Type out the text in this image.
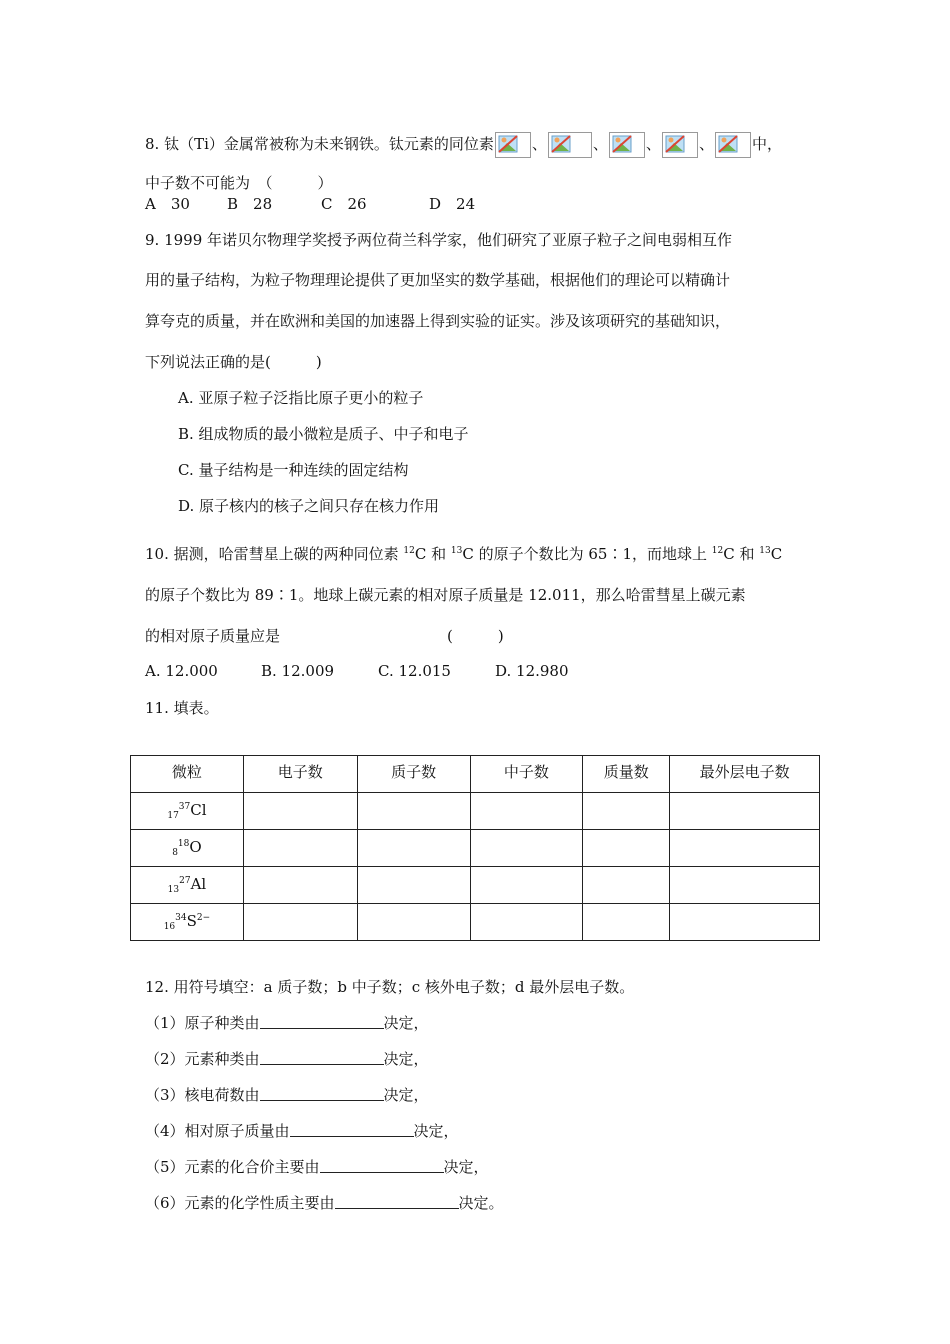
8. 钛（Ti）金属常被称为未来钢铁。钛元素的同位素	、	、	、	、	中，
中子数不可能为　（　　　）
A　30 B　28	C　26	D　24
9. 1999 年诺贝尔物理学奖授予两位荷兰科学家，他们研究了亚原子粒子之间电弱相互作
用的量子结构，为粒子物理理论提供了更加坚实的数学基础，根据他们的理论可以精确计
算夸克的质量，并在欧洲和美国的加速器上得到实验的证实。涉及该项研究的基础知识，
下列说法正确的是(　　　)
A. 亚原子粒子泛指比原子更小的粒子
B. 组成物质的最小微粒是质子、中子和电子
C. 量子结构是一种连续的固定结构
D. 原子核内的核子之间只存在核力作用
10. 据测，哈雷彗星上碳的两种同位素 $^{12}$C 和 $^{13}$C 的原子个数比为 65∶1，而地球上 $^{12}$C 和 $^{13}$C
的原子个数比为 89∶1。地球上碳元素的相对原子质量是 12.011，那么哈雷彗星上碳元素
的相对原子质量应是	(　　　)
A. 12.000	B. 12.009	C. 12.015	D. 12.980
11. 填表。
微粒	电子数	质子数	中子数	质量数	最外层电子数
$_{17}^{37}$Cl					
$_8^{18}$O					
$_{13}^{27}$Al					
$_{16}^{34}S^{2-}$					
12. 用符号填空：a 质子数；b 中子数；c 核外电子数；d 最外层电子数。
（1）原子种类由	决定，
（2）元素种类由	决定，
（3）核电荷数由	决定，
（4）相对原子质量由	决定，
（5）元素的化合价主要由	决定，
（6）元素的化学性质主要由	决定。
